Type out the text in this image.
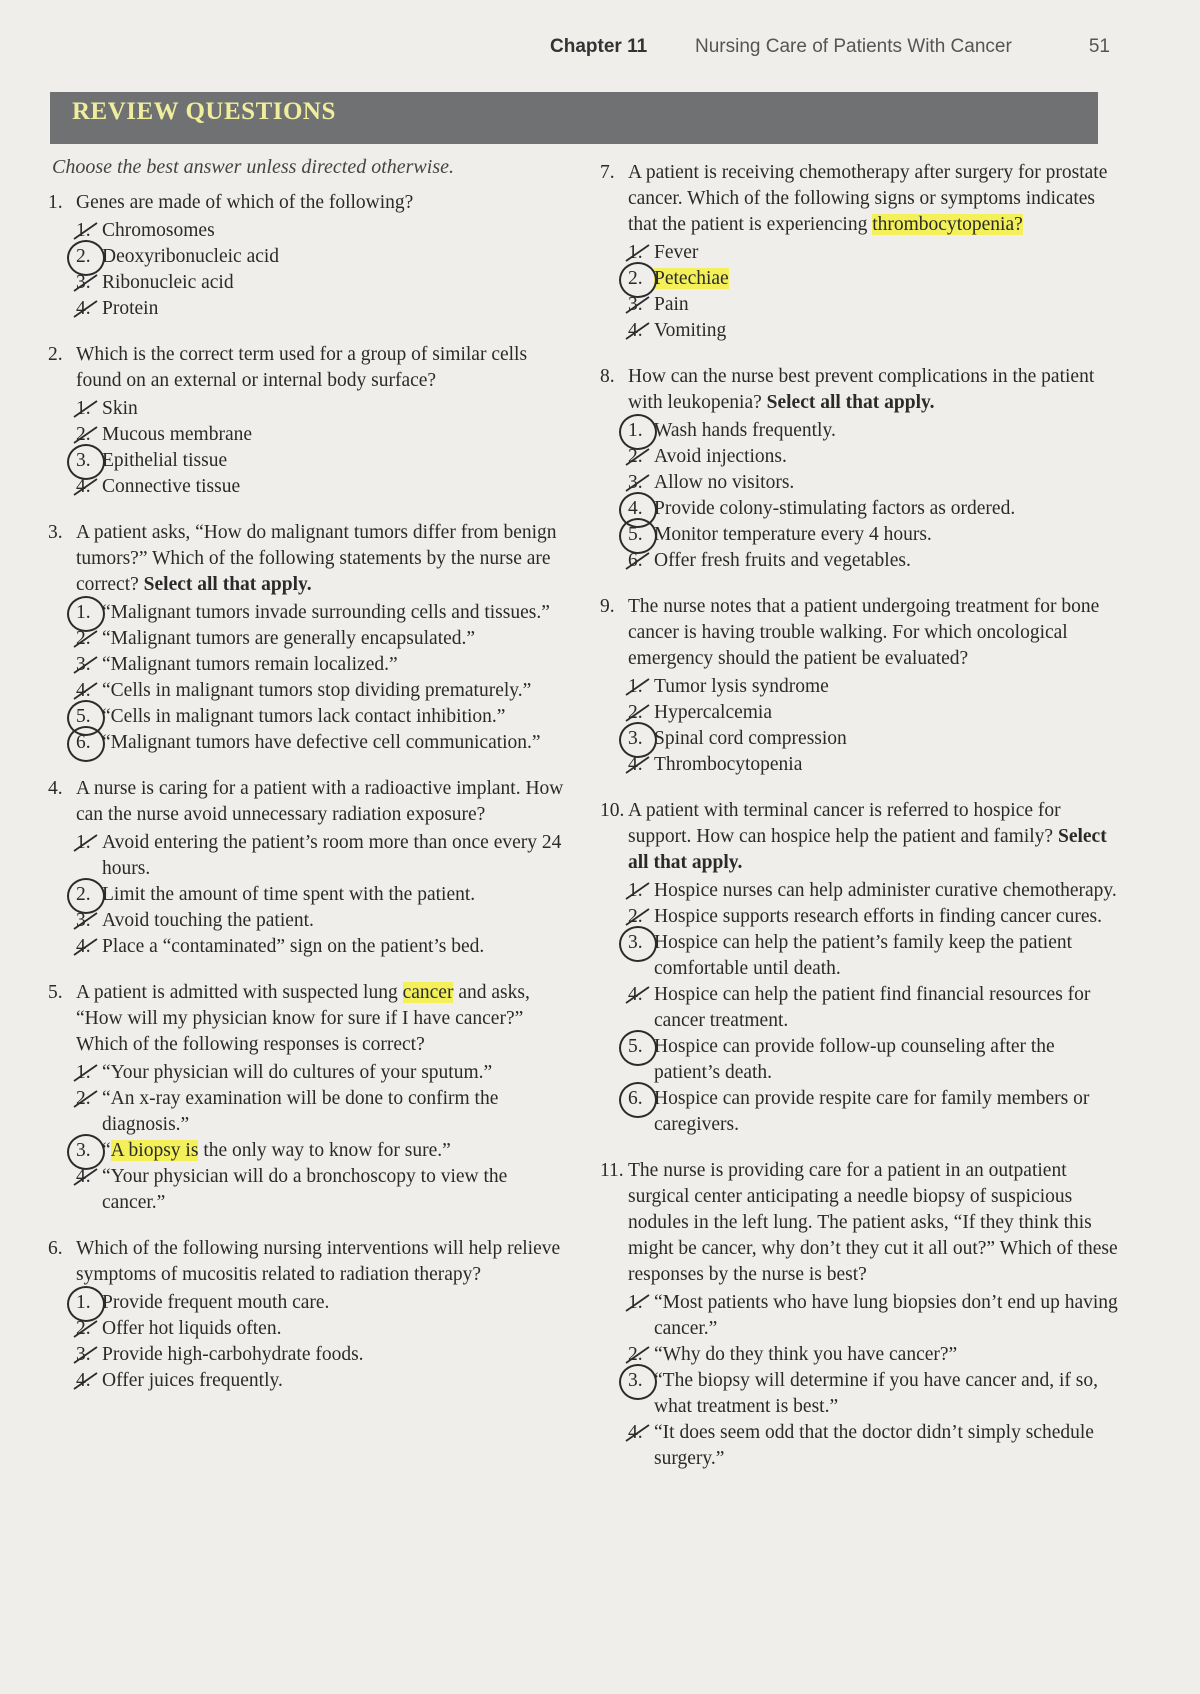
Chapter 11	Nursing Care of Patients With Cancer	51
REVIEW QUESTIONS
Choose the best answer unless directed otherwise.
1. Genes are made of which of the following?
1. Chromosomes
2. Deoxyribonucleic acid
3. Ribonucleic acid
4. Protein
2. Which is the correct term used for a group of similar cells found on an external or internal body surface?
1. Skin
2. Mucous membrane
3. Epithelial tissue
4. Connective tissue
3. A patient asks, “How do malignant tumors differ from benign tumors?” Which of the following statements by the nurse are correct? Select all that apply.
1. “Malignant tumors invade surrounding cells and tissues.”
2. “Malignant tumors are generally encapsulated.”
3. “Malignant tumors remain localized.”
4. “Cells in malignant tumors stop dividing prematurely.”
5. “Cells in malignant tumors lack contact inhibition.”
6. “Malignant tumors have defective cell communication.”
4. A nurse is caring for a patient with a radioactive implant. How can the nurse avoid unnecessary radiation exposure?
1. Avoid entering the patient’s room more than once every 24 hours.
2. Limit the amount of time spent with the patient.
3. Avoid touching the patient.
4. Place a “contaminated” sign on the patient’s bed.
5. A patient is admitted with suspected lung cancer and asks, “How will my physician know for sure if I have cancer?” Which of the following responses is correct?
1. “Your physician will do cultures of your sputum.”
2. “An x-ray examination will be done to confirm the diagnosis.”
3. “A biopsy is the only way to know for sure.”
4. “Your physician will do a bronchoscopy to view the cancer.”
6. Which of the following nursing interventions will help relieve symptoms of mucositis related to radiation therapy?
1. Provide frequent mouth care.
2. Offer hot liquids often.
3. Provide high-carbohydrate foods.
4. Offer juices frequently.
7. A patient is receiving chemotherapy after surgery for prostate cancer. Which of the following signs or symptoms indicates that the patient is experiencing thrombocytopenia?
1. Fever
2. Petechiae
3. Pain
4. Vomiting
8. How can the nurse best prevent complications in the patient with leukopenia? Select all that apply.
1. Wash hands frequently.
2. Avoid injections.
3. Allow no visitors.
4. Provide colony-stimulating factors as ordered.
5. Monitor temperature every 4 hours.
6. Offer fresh fruits and vegetables.
9. The nurse notes that a patient undergoing treatment for bone cancer is having trouble walking. For which oncological emergency should the patient be evaluated?
1. Tumor lysis syndrome
2. Hypercalcemia
3. Spinal cord compression
4. Thrombocytopenia
10. A patient with terminal cancer is referred to hospice for support. How can hospice help the patient and family? Select all that apply.
1. Hospice nurses can help administer curative chemotherapy.
2. Hospice supports research efforts in finding cancer cures.
3. Hospice can help the patient’s family keep the patient comfortable until death.
4. Hospice can help the patient find financial resources for cancer treatment.
5. Hospice can provide follow-up counseling after the patient’s death.
6. Hospice can provide respite care for family members or caregivers.
11. The nurse is providing care for a patient in an outpatient surgical center anticipating a needle biopsy of suspicious nodules in the left lung. The patient asks, “If they think this might be cancer, why don’t they cut it all out?” Which of these responses by the nurse is best?
1. “Most patients who have lung biopsies don’t end up having cancer.”
2. “Why do they think you have cancer?”
3. “The biopsy will determine if you have cancer and, if so, what treatment is best.”
4. “It does seem odd that the doctor didn’t simply schedule surgery.”
